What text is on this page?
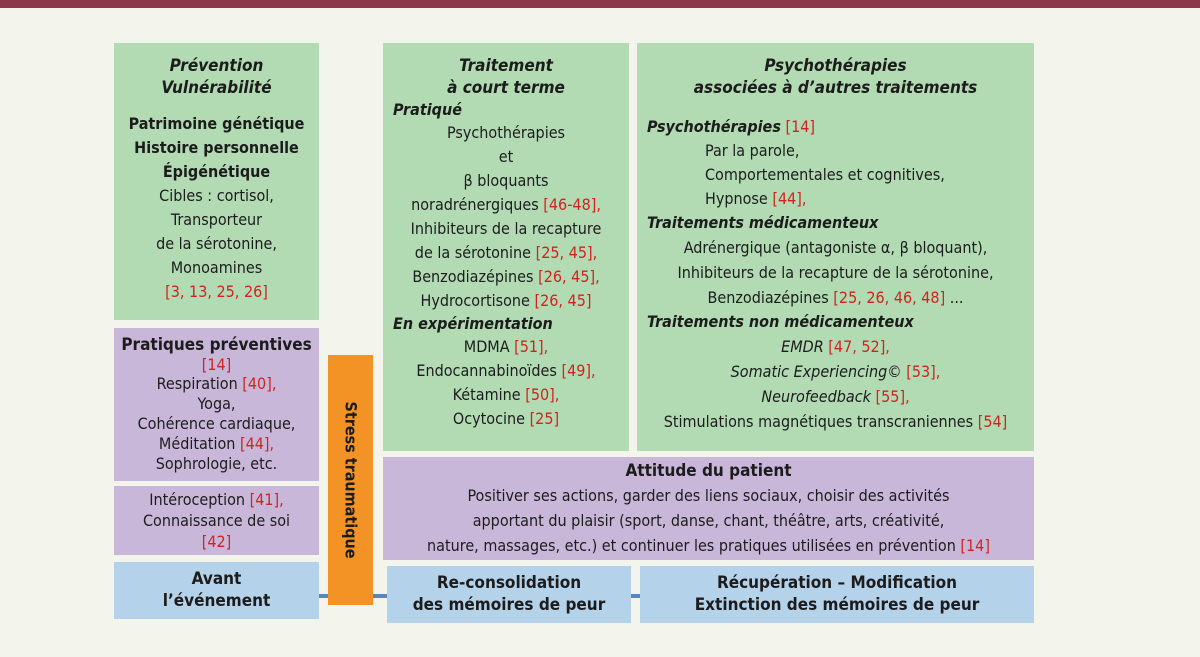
Prévention
Vulnérabilité
Patrimoine génétique
Histoire personnelle
Épigénétique
Cibles : cortisol,
Transporteur
de la sérotonine,
Monoamines
[3, 13, 25, 26]
Pratiques préventives
[14]
Respiration [40],
Yoga,
Cohérence cardiaque,
Méditation [44],
Sophrologie, etc.
Intéroception [41],
Connaissance de soi
[42]
Avant
l’événement
Stress traumatique
Traitement
à court terme
Pratiqué
Psychothérapies
et
β bloquants
noradrénergiques [46-48],
Inhibiteurs de la recapture
de la sérotonine [25, 45],
Benzodiazépines [26, 45],
Hydrocortisone [26, 45]
En expérimentation
MDMA [51],
Endocannabinoïdes [49],
Kétamine [50],
Ocytocine [25]
Psychothérapies
associées à d’autres traitements
Psychothérapies [14]
Par la parole,
Comportementales et cognitives,
Hypnose [44],
Traitements médicamenteux
Adrénergique (antagoniste α, β bloquant),
Inhibiteurs de la recapture de la sérotonine,
Benzodiazépines [25, 26, 46, 48] ...
Traitements non médicamenteux
EMDR [47, 52],
Somatic Experiencing© [53],
Neurofeedback [55],
Stimulations magnétiques transcraniennes [54]
Attitude du patient
Positiver ses actions, garder des liens sociaux, choisir des activités
apportant du plaisir (sport, danse, chant, théâtre, arts, créativité,
nature, massages, etc.) et continuer les pratiques utilisées en prévention [14]
Re-consolidation
des mémoires de peur
Récupération – Modification
Extinction des mémoires de peur
